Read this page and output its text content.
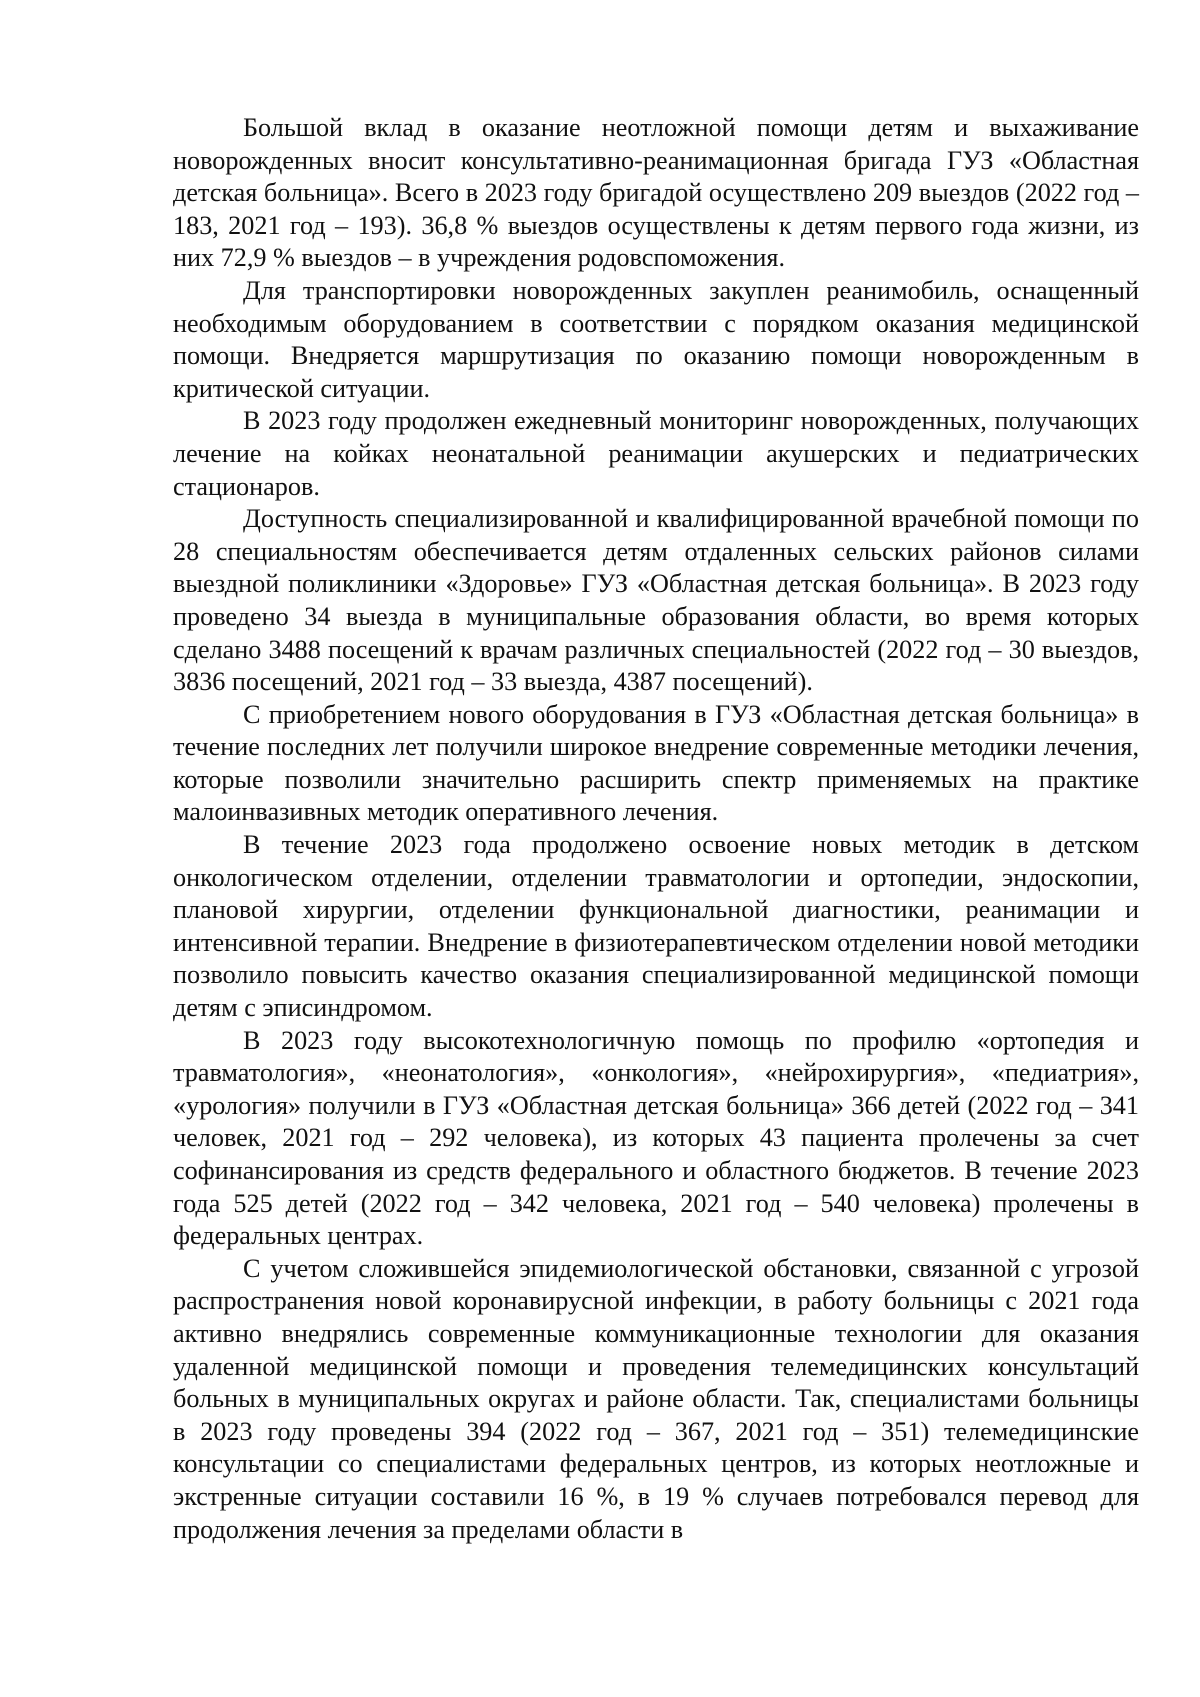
Большой вклад в оказание неотложной помощи детям и выхаживание новорожденных вносит консультативно-реанимационная бригада ГУЗ «Областная детская больница». Всего в 2023 году бригадой осуществлено 209 выездов (2022 год – 183, 2021 год – 193). 36,8 % выездов осуществлены к детям первого года жизни, из них 72,9 % выездов – в учреждения родовспоможения.

Для транспортировки новорожденных закуплен реанимобиль, оснащенный необходимым оборудованием в соответствии с порядком оказания медицинской помощи. Внедряется маршрутизация по оказанию помощи новорожденным в критической ситуации.

В 2023 году продолжен ежедневный мониторинг новорожденных, получающих лечение на койках неонатальной реанимации акушерских и педиатрических стационаров.

Доступность специализированной и квалифицированной врачебной помощи по 28 специальностям обеспечивается детям отдаленных сельских районов силами выездной поликлиники «Здоровье» ГУЗ «Областная детская больница». В 2023 году проведено 34 выезда в муниципальные образования области, во время которых сделано 3488 посещений к врачам различных специальностей (2022 год – 30 выездов, 3836 посещений, 2021 год – 33 выезда, 4387 посещений).

С приобретением нового оборудования в ГУЗ «Областная детская больница» в течение последних лет получили широкое внедрение современные методики лечения, которые позволили значительно расширить спектр применяемых на практике малоинвазивных методик оперативного лечения.

В течение 2023 года продолжено освоение новых методик в детском онкологическом отделении, отделении травматологии и ортопедии, эндоскопии, плановой хирургии, отделении функциональной диагностики, реанимации и интенсивной терапии. Внедрение в физиотерапевтическом отделении новой методики позволило повысить качество оказания специализированной медицинской помощи детям с эписиндромом.

В 2023 году высокотехнологичную помощь по профилю «ортопедия и травматология», «неонатология», «онкология», «нейрохирургия», «педиатрия», «урология» получили в ГУЗ «Областная детская больница» 366 детей (2022 год – 341 человек, 2021 год – 292 человека), из которых 43 пациента пролечены за счет софинансирования из средств федерального и областного бюджетов. В течение 2023 года 525 детей (2022 год – 342 человека, 2021 год – 540 человека) пролечены в федеральных центрах.

С учетом сложившейся эпидемиологической обстановки, связанной с угрозой распространения новой коронавирусной инфекции, в работу больницы с 2021 года активно внедрялись современные коммуникационные технологии для оказания удаленной медицинской помощи и проведения телемедицинских консультаций больных в муниципальных округах и районе области. Так, специалистами больницы в 2023 году проведены 394 (2022 год – 367, 2021 год – 351) телемедицинские консультации со специалистами федеральных центров, из которых неотложные и экстренные ситуации составили 16 %, в 19 % случаев потребовался перевод для продолжения лечения за пределами области в
